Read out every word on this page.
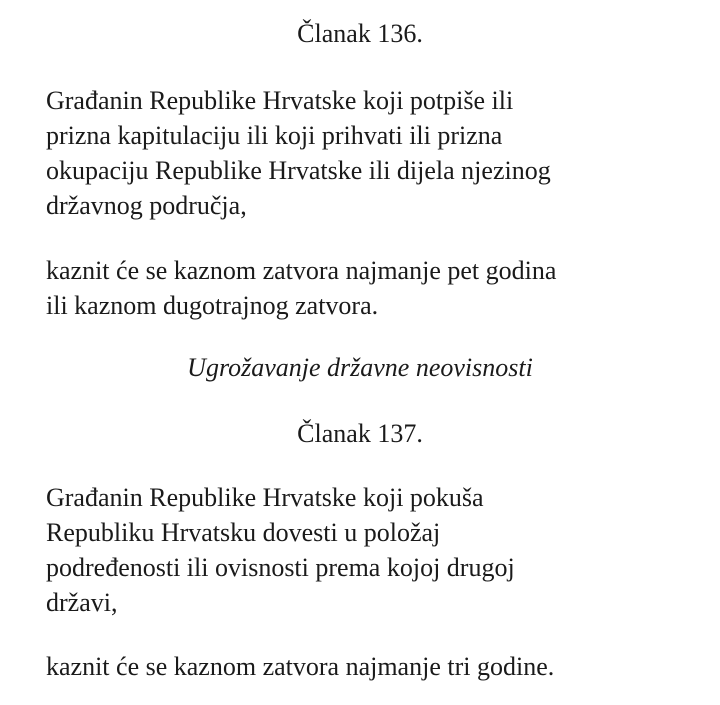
Članak 136.
Građanin Republike Hrvatske koji potpiše ili
prizna kapitulaciju ili koji prihvati ili prizna
okupaciju Republike Hrvatske ili dijela njezinog
državnog područja,
kaznit će se kaznom zatvora najmanje pet godina
ili kaznom dugotrajnog zatvora.
Ugrožavanje državne neovisnosti
Članak 137.
Građanin Republike Hrvatske koji pokuša
Republiku Hrvatsku dovesti u položaj
podređenosti ili ovisnosti prema kojoj drugoj
državi,
kaznit će se kaznom zatvora najmanje tri godine.
